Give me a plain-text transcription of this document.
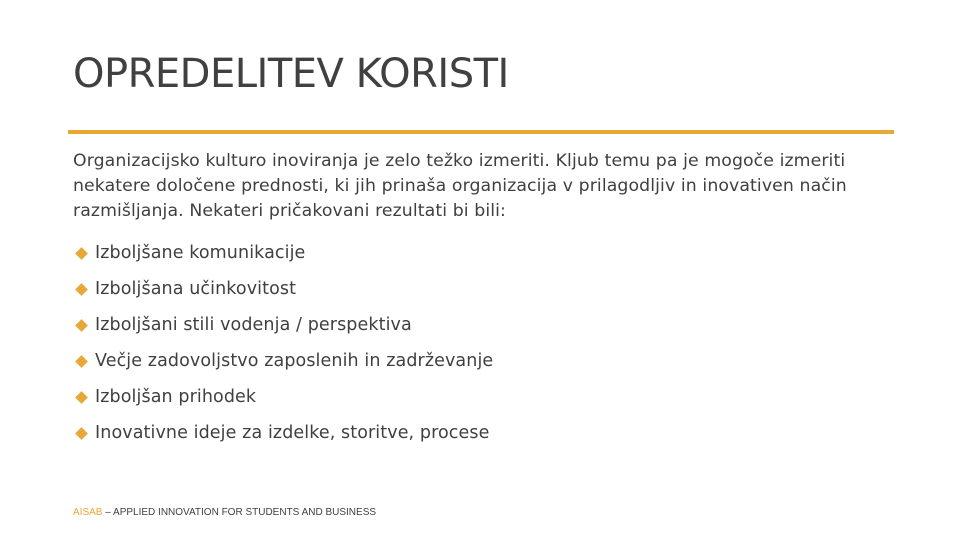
OPREDELITEV KORISTI
Organizacijsko kulturo inoviranja je zelo težko izmeriti. Kljub temu pa je mogoče izmeriti nekatere določene prednosti, ki jih prinaša organizacija v prilagodljiv in inovativen način razmišljanja. Nekateri pričakovani rezultati bi bili:
Izboljšane komunikacije
Izboljšana učinkovitost
Izboljšani stili vodenja / perspektiva
Večje zadovoljstvo zaposlenih in zadrževanje
Izboljšan prihodek
Inovativne ideje za izdelke, storitve, procese
AISAB – APPLIED INNOVATION FOR STUDENTS AND BUSINESS
